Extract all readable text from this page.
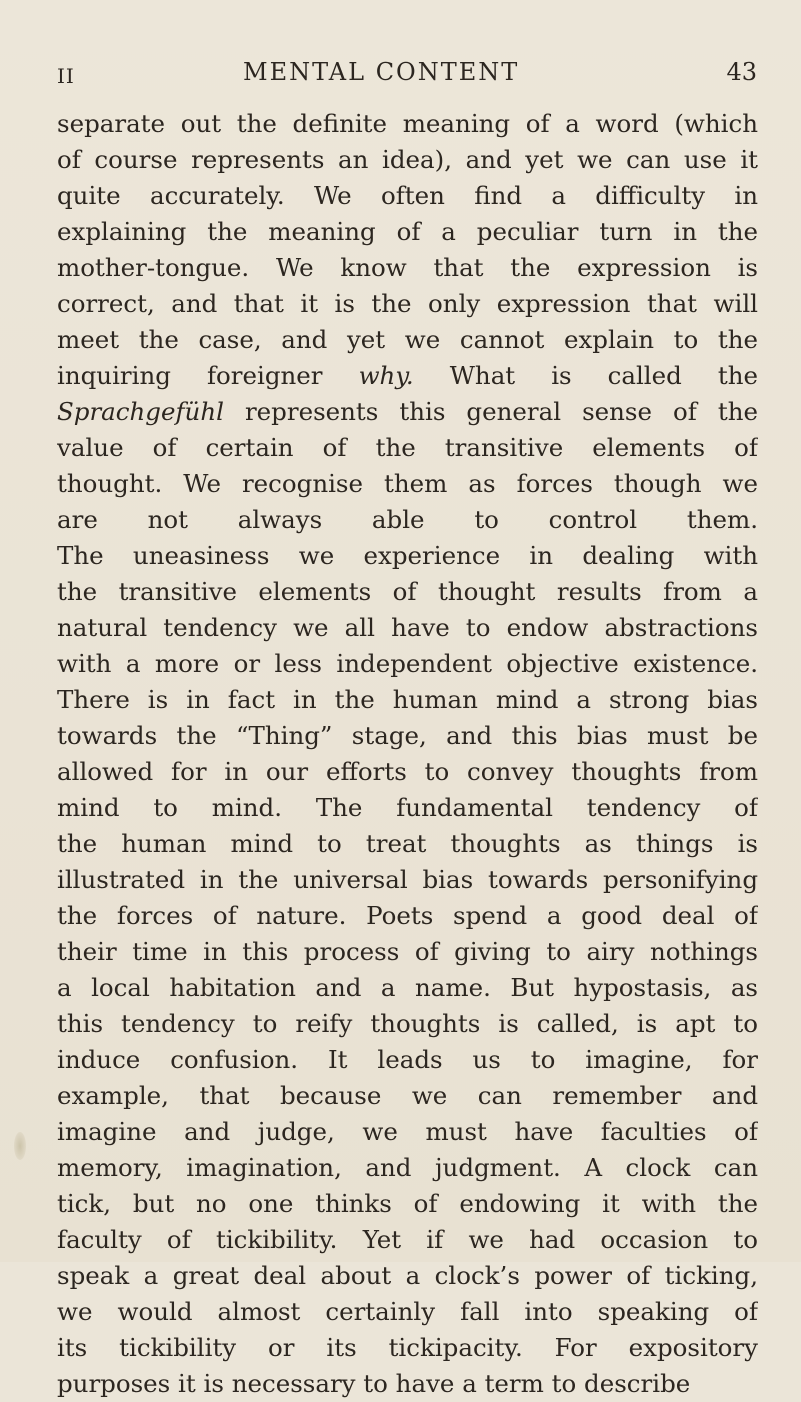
II	MENTAL CONTENT	43
separate out the definite meaning of a word (which
of course represents an idea), and yet we can use it
quite accurately. We often find a difficulty in
explaining the meaning of a peculiar turn in the
mother-tongue. We know that the expression is
correct, and that it is the only expression that will
meet the case, and yet we cannot explain to the
inquiring foreigner why. What is called the
Sprachgefühl represents this general sense of the
value of certain of the transitive elements of
thought. We recognise them as forces though we
are not always able to control them.
The uneasiness we experience in dealing with
the transitive elements of thought results from a
natural tendency we all have to endow abstractions
with a more or less independent objective existence.
There is in fact in the human mind a strong bias
towards the “Thing” stage, and this bias must be
allowed for in our efforts to convey thoughts from
mind to mind. The fundamental tendency of
the human mind to treat thoughts as things is
illustrated in the universal bias towards personifying
the forces of nature. Poets spend a good deal of
their time in this process of giving to airy nothings
a local habitation and a name. But hypostasis, as
this tendency to reify thoughts is called, is apt to
induce confusion. It leads us to imagine, for
example, that because we can remember and
imagine and judge, we must have faculties of
memory, imagination, and judgment. A clock can
tick, but no one thinks of endowing it with the
faculty of tickibility. Yet if we had occasion to
speak a great deal about a clock’s power of ticking,
we would almost certainly fall into speaking of
its tickibility or its tickipacity. For expository
purposes it is necessary to have a term to describe
